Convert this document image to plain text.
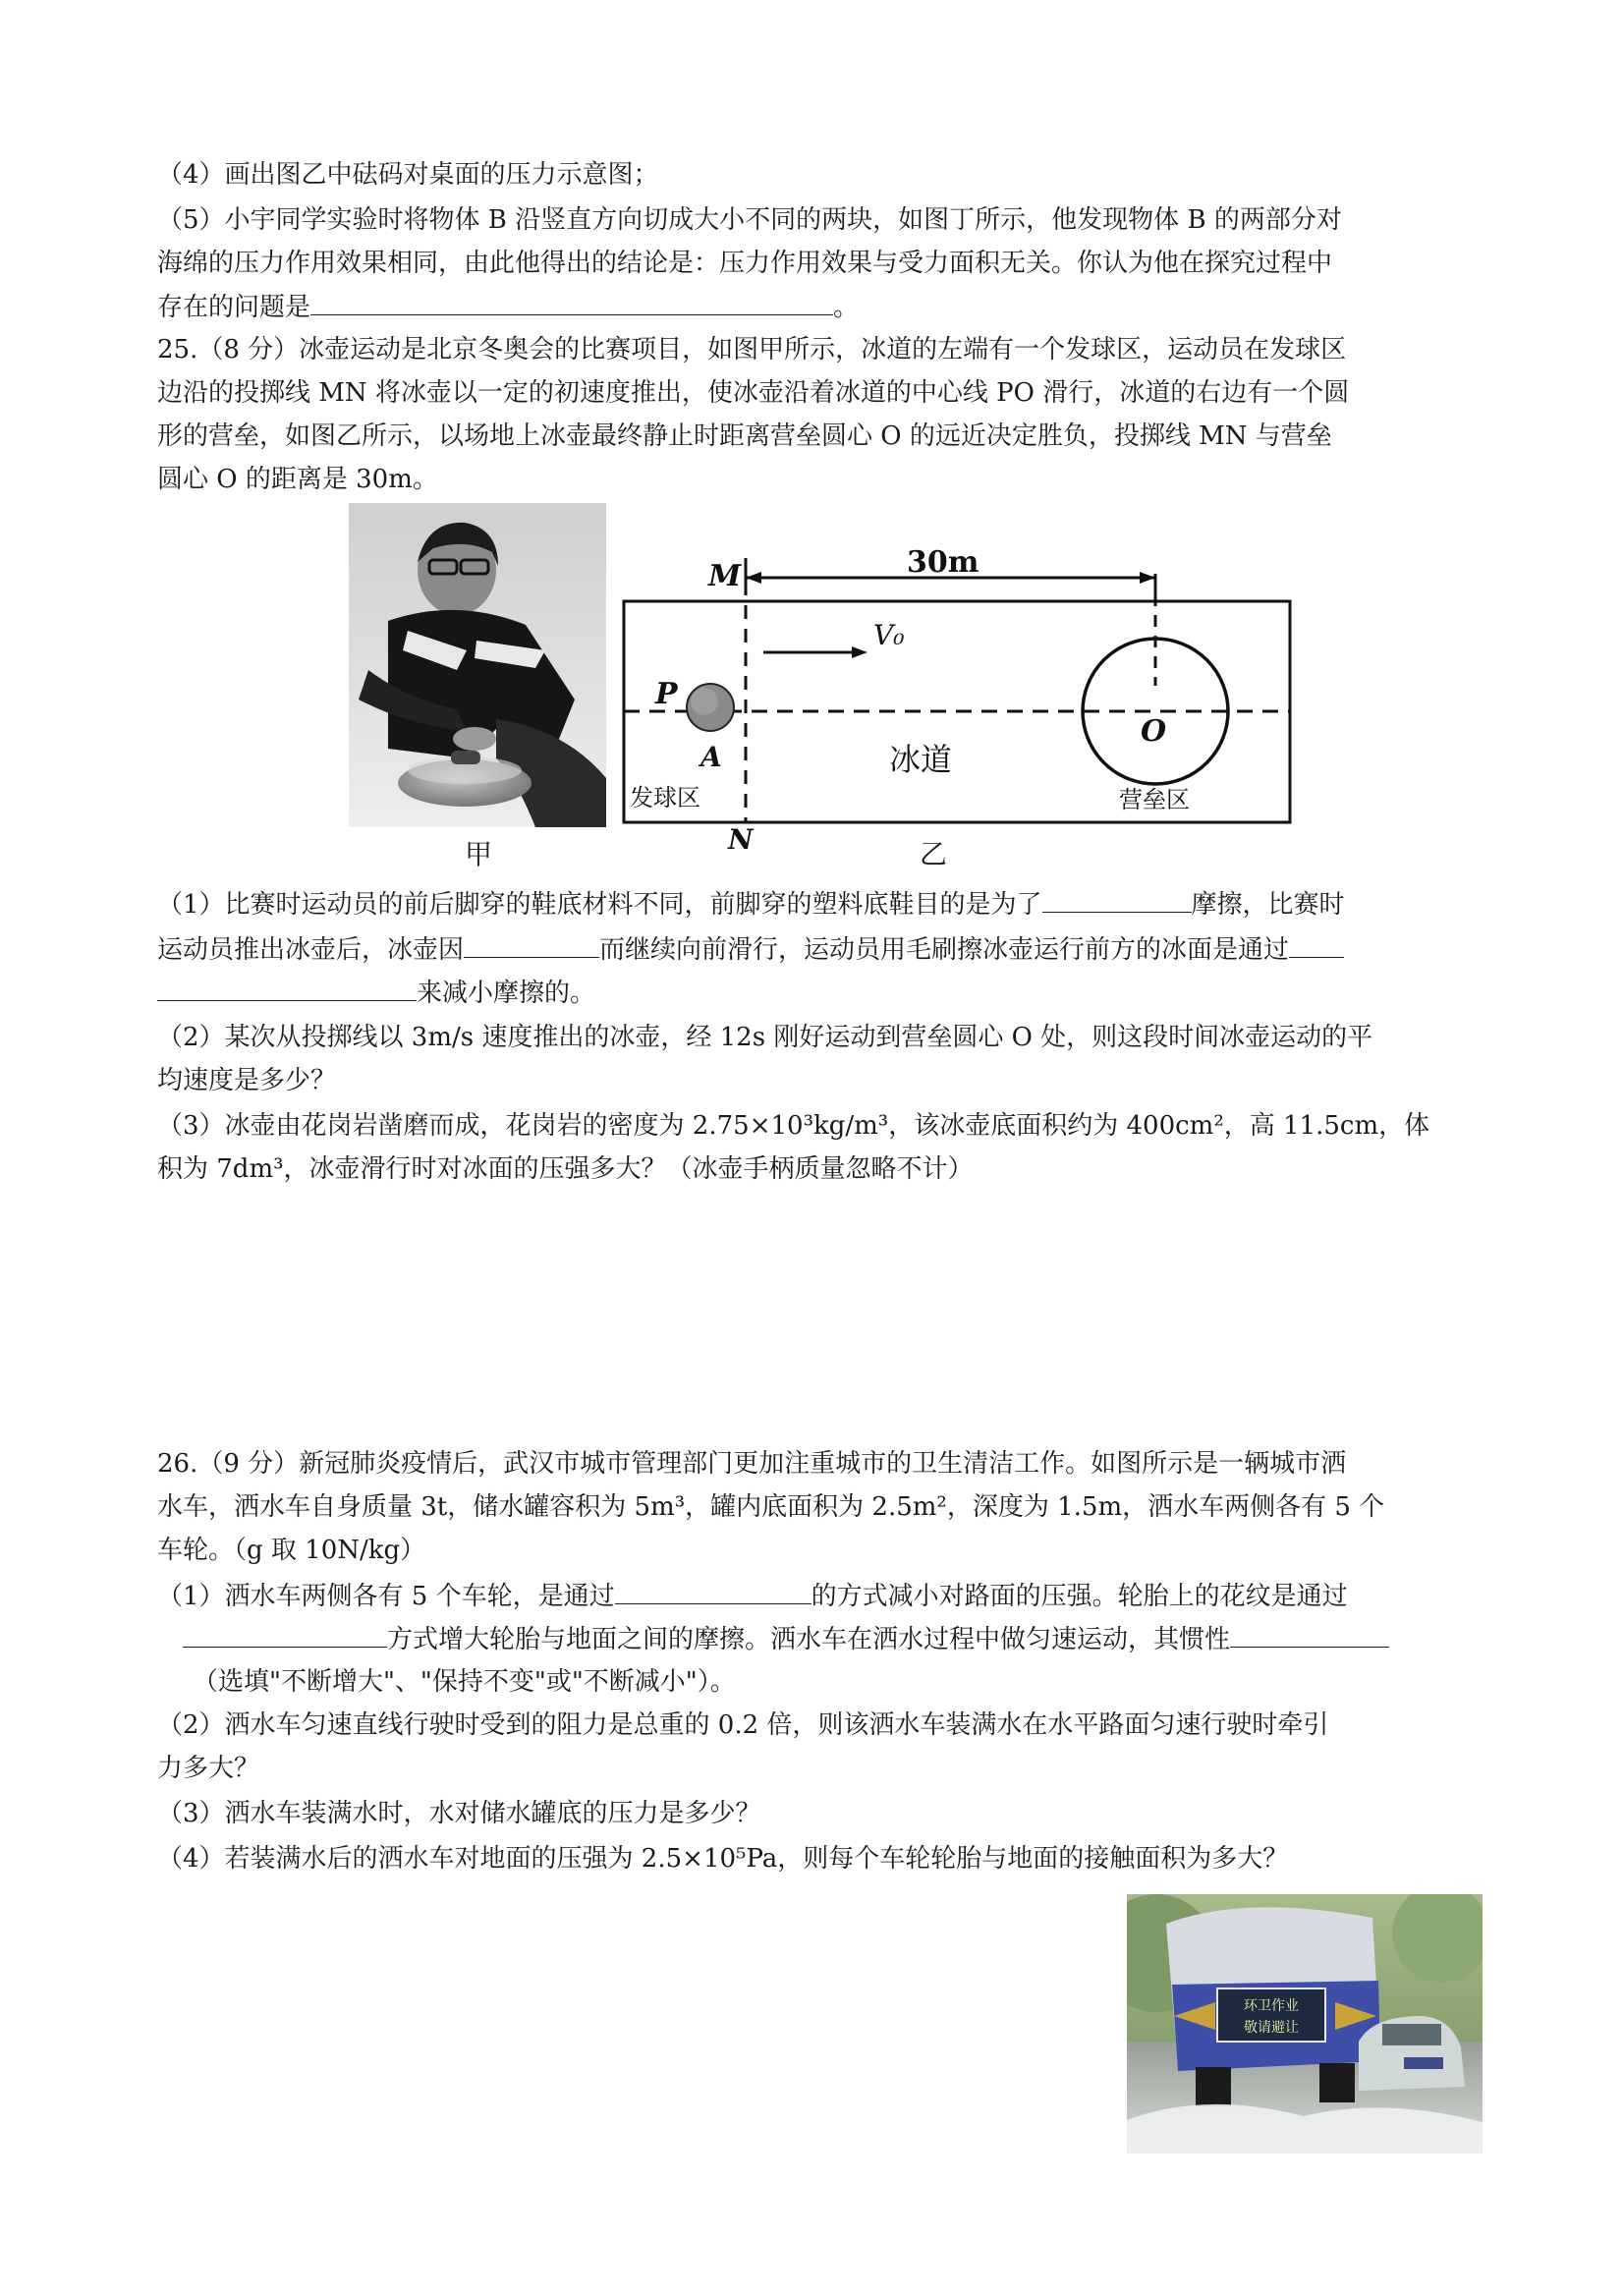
（4）画出图乙中砝码对桌面的压力示意图；
（5）小宇同学实验时将物体 B 沿竖直方向切成大小不同的两块，如图丁所示，他发现物体 B 的两部分对
海绵的压力作用效果相同，由此他得出的结论是：压力作用效果与受力面积无关。你认为他在探究过程中
存在的问题是	。
25.（8 分）冰壶运动是北京冬奥会的比赛项目，如图甲所示，冰道的左端有一个发球区，运动员在发球区
边沿的投掷线 MN 将冰壶以一定的初速度推出，使冰壶沿着冰道的中心线 PO 滑行，冰道的右边有一个圆
形的营垒，如图乙所示，以场地上冰壶最终静止时距离营垒圆心 O 的远近决定胜负，投掷线 MN 与营垒
圆心 O 的距离是 30m。
甲
M	30m
V₀
P
A
O
冰道
发球区	营垒区
N	乙
（1）比赛时运动员的前后脚穿的鞋底材料不同，前脚穿的塑料底鞋目的是为了	摩擦，比赛时
运动员推出冰壶后，冰壶因	而继续向前滑行，运动员用毛刷擦冰壶运行前方的冰面是通过
来减小摩擦的。
（2）某次从投掷线以 3m/s 速度推出的冰壶，经 12s 刚好运动到营垒圆心 O 处，则这段时间冰壶运动的平
均速度是多少？
（3）冰壶由花岗岩凿磨而成，花岗岩的密度为 2.75×10³kg/m³，该冰壶底面积约为 400cm²，高 11.5cm，体
积为 7dm³，冰壶滑行时对冰面的压强多大？（冰壶手柄质量忽略不计）
26.（9 分）新冠肺炎疫情后，武汉市城市管理部门更加注重城市的卫生清洁工作。如图所示是一辆城市洒
水车，洒水车自身质量 3t，储水罐容积为 5m³，罐内底面积为 2.5m²，深度为 1.5m，洒水车两侧各有 5 个
车轮。（g 取 10N/kg）
（1）洒水车两侧各有 5 个车轮，是通过	的方式减小对路面的压强。轮胎上的花纹是通过
方式增大轮胎与地面之间的摩擦。洒水车在洒水过程中做匀速运动，其惯性
（选填"不断增大"、"保持不变"或"不断减小"）。
（2）洒水车匀速直线行驶时受到的阻力是总重的 0.2 倍，则该洒水车装满水在水平路面匀速行驶时牵引
力多大？
（3）洒水车装满水时，水对储水罐底的压力是多少？
（4）若装满水后的洒水车对地面的压强为 2.5×10⁵Pa，则每个车轮轮胎与地面的接触面积为多大？
环卫作业
敬请避让
